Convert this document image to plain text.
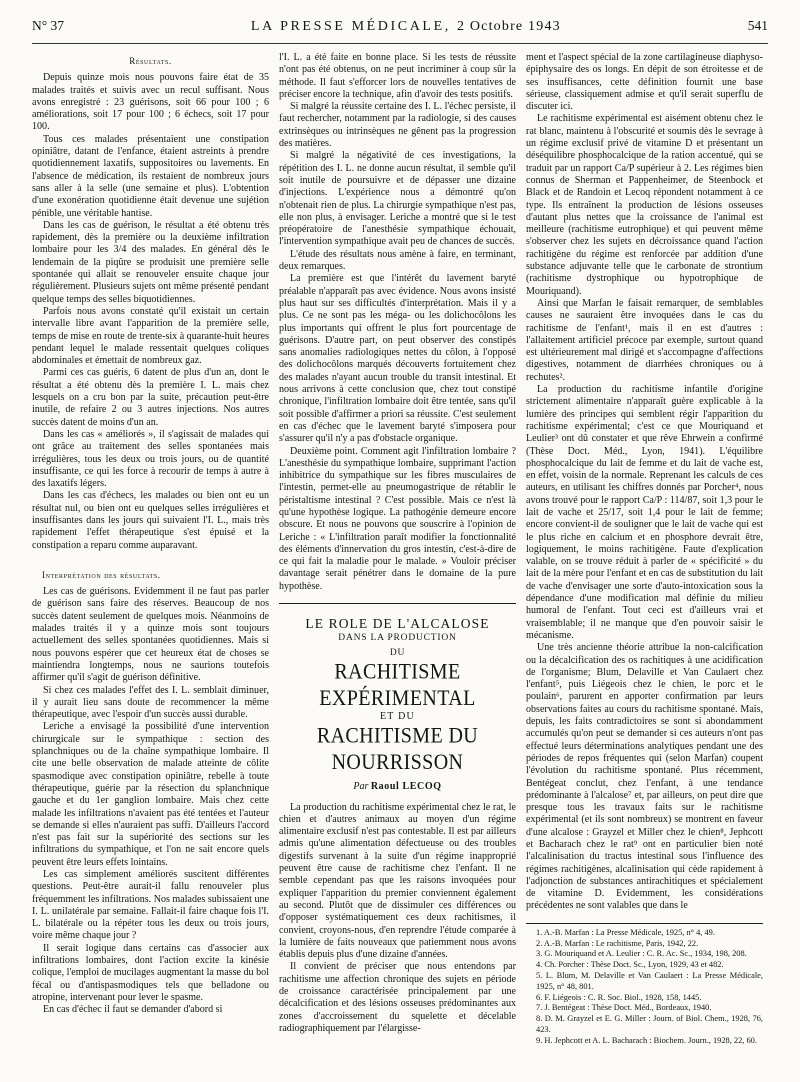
N° 37	LA PRESSE MÉDICALE, 2 Octobre 1943	541
Résultats.

Depuis quinze mois nous pouvons faire état de 35 malades traités et suivis avec un recul suffisant. Nous avons enregistré : 23 guérisons, soit 66 pour 100 ; 6 améliorations, soit 17 pour 100 ; 6 échecs, soit 17 pour 100.

Tous ces malades présentaient une constipation opiniâtre, datant de l'enfance, étaient astreints à prendre quotidiennement laxatifs, suppositoires ou lavements. En l'absence de médication, ils restaient de nombreux jours sans aller à la selle (une semaine et plus). L'obtention d'une exonération quotidienne était devenue une sujétion pénible, une véritable hantise.

Dans les cas de guérison, le résultat a été obtenu très rapidement, dès la première ou la deuxième infiltration lombaire pour les 3/4 des malades. En général dès le lendemain de la piqûre se produisit une première selle spontanée qui allait se renouveler ensuite chaque jour régulièrement. Plusieurs sujets ont même présenté pendant quelque temps des selles biquotidiennes.

Parfois nous avons constaté qu'il existait un certain intervalle libre avant l'apparition de la première selle, temps de mise en route de trente-six à quarante-huit heures pendant lequel le malade ressentait quelques coliques abdominales et émettait de nombreux gaz.

Parmi ces cas guéris, 6 datent de plus d'un an, dont le résultat a été obtenu dès la première I. L. mais chez lesquels on a cru bon par la suite, précaution peut-être inutile, de refaire 2 ou 3 autres injections. Nos autres succès datent de moins d'un an.

Dans les cas « améliorés », il s'agissait de malades qui ont grâce au traitement des selles spontanées mais irrégulières, tous les deux ou trois jours, ou de quantité insuffisante, ce qui les force à recourir de temps à autre à des laxatifs légers.

Dans les cas d'échecs, les malades ou bien ont eu un résultat nul, ou bien ont eu quelques selles irrégulières et insuffisantes dans les jours qui suivaient l'I. L., mais très rapidement l'effet thérapeutique s'est épuisé et la constipation a reparu comme auparavant.

Interprétation des résultats.

Les cas de guérisons. Evidemment il ne faut pas parler de guérison sans faire des réserves. Beaucoup de nos succès datent seulement de quelques mois. Néanmoins de malades traités il y a quinze mois sont toujours actuellement des selles spontanées quotidiennes. Mais si nous pouvons espérer que cet heureux état de choses se maintiendra longtemps, nous ne saurions toutefois affirmer qu'il s'agit de guérison définitive.

Si chez ces malades l'effet des I. L. semblait diminuer, il y aurait lieu sans doute de recommencer la même thérapeutique, avec l'espoir d'un succès aussi durable.

Leriche a envisagé la possibilité d'une intervention chirurgicale sur le sympathique : section des splanchniques ou de la chaîne sympathique lombaire. Il cite une belle observation de malade atteinte de côlite spasmodique avec constipation opiniâtre, rebelle à toute thérapeutique, guérie par la résection du splanchnique gauche et du 1er ganglion lombaire. Mais chez cette malade les infiltrations n'avaient pas été tentées et l'auteur se demande si elles n'auraient pas suffi. D'ailleurs l'accord n'est pas fait sur la supériorité des sections sur les infiltrations du sympathique, et l'on ne sait encore quels peuvent être leurs effets lointains.

Les cas simplement améliorés suscitent différentes questions. Peut-être aurait-il fallu renouveler plus fréquemment les infiltrations. Nos malades subissaient une I. L. unilatérale par semaine. Fallait-il faire chaque fois l'I. L. bilatérale ou la répéter tous les deux ou trois jours, voire même chaque jour ?

Il serait logique dans certains cas d'associer aux infiltrations lombaires, dont l'action excite la kinésie colique, l'emploi de mucilages augmentant la masse du bol fécal ou d'antispasmodiques tels que belladone ou atropine, intervenant pour lever le spasme.

En cas d'échec il faut se demander d'abord si

l'I. L. a été faite en bonne place. Si les tests de réussite n'ont pas été obtenus, on ne peut incriminer à coup sûr la méthode. Il faut s'efforcer lors de nouvelles tentatives de préciser encore la technique, afin d'avoir des tests positifs.

Si malgré la réussite certaine des I. L. l'échec persiste, il faut rechercher, notamment par la radiologie, si des causes extrinsèques ou intrinsèques ne gênent pas la progression des matières.

Si malgré la négativité de ces investigations, la répétition des I. L. ne donne aucun résultat, il semble qu'il soit inutile de poursuivre et de dépasser une dizaine d'injections. L'expérience nous a démontré qu'on n'obtenait rien de plus. La chirurgie sympathique n'est pas, elle non plus, à envisager. Leriche a montré que si le test préopératoire de l'anesthésie sympathique échouait, l'intervention sympathique avait peu de chances de succès.

L'étude des résultats nous amène à faire, en terminant, deux remarques.

La première est que l'intérêt du lavement baryté préalable n'apparaît pas avec évidence. Nous avons insisté plus haut sur ses difficultés d'interprétation. Mais il y a plus. Ce ne sont pas les méga- ou les dolichocôlons les plus importants qui offrent le plus fort pourcentage de guérisons. D'autre part, on peut observer des constipés sans anomalies radiologiques nettes du côlon, à l'opposé des dolichocôlons marqués découverts fortuitement chez des malades n'ayant aucun trouble du transit intestinal. Et nous arrivons à cette conclusion que, chez tout constipé chronique, l'infiltration lombaire doit être tentée, sans qu'il soit possible d'affirmer a priori sa réussite. C'est seulement en cas d'échec que le lavement baryté s'imposera pour s'assurer qu'il n'y a pas d'obstacle organique.

Deuxième point. Comment agit l'infiltration lombaire ? L'anesthésie du sympathique lombaire, supprimant l'action inhibitrice du sympathique sur les fibres musculaires de l'intestin, permet-elle au pneumogastrique de rétablir le péristaltisme intestinal ? C'est possible. Mais ce n'est là qu'une hypothèse logique. La pathogénie demeure encore obscure. Et nous ne pouvons que souscrire à l'opinion de Leriche : « L'infiltration paraît modifier la fonctionnalité des éléments d'innervation du gros intestin, c'est-à-dire de ce qui fait la maladie pour le malade. » Vouloir préciser davantage serait pénétrer dans le domaine de la pure hypothèse.

LE ROLE DE L'ALCALOSE
DANS LA PRODUCTION
DU
RACHITISME EXPÉRIMENTAL
ET DU
RACHITISME DU NOURRISSON
Par Raoul LECOQ

La production du rachitisme expérimental chez le rat, le chien et d'autres animaux au moyen d'un régime alimentaire exclusif n'est pas contestable. Il est par ailleurs admis qu'une alimentation défectueuse ou des troubles digestifs survenant à la suite d'un régime inapproprié peuvent être cause de rachitisme chez l'enfant. Il ne semble cependant pas que les raisons invoquées pour expliquer l'apparition du premier conviennent également au second. Plutôt que de dissimuler ces différences ou d'opposer systématiquement ces deux rachitismes, il convient, croyons-nous, d'en reprendre l'étude comparée à la lumière de faits nouveaux que patiemment nous avons établis depuis plus d'une dizaine d'années.

Il convient de préciser que nous entendons par rachitisme une affection chronique des sujets en période de croissance caractérisée principalement par une décalcification et des lésions osseuses prédominantes aux zones d'accroissement du squelette et décelable radiographiquement par l'élargisse-

ment et l'aspect spécial de la zone cartilagineuse diaphyso-épiphysaire des os longs. En dépit de son étroitesse et de ses insuffisances, cette définition fournit une base sérieuse, classiquement admise et qu'il serait superflu de discuter ici.

Le rachitisme expérimental est aisément obtenu chez le rat blanc, maintenu à l'obscurité et soumis dès le sevrage à un régime exclusif privé de vitamine D et présentant un déséquilibre phosphocalcique de la ration accentué, qui se traduit par un rapport Ca/P supérieur à 2. Les régimes bien connus de Sherman et Pappenheimer, de Steenbock et Black et de Randoin et Lecoq répondent notamment à ce type. Ils entraînent la production de lésions osseuses d'autant plus nettes que la croissance de l'animal est meilleure (rachitisme eutrophique) et qui peuvent même s'observer chez les sujets en décroissance quand l'action rachitigène du régime est renforcée par addition d'une substance adjuvante telle que le carbonate de strontium (rachitisme dystrophique ou hypotrophique de Mouriquand).

Ainsi que Marfan le faisait remarquer, de semblables causes ne sauraient être invoquées dans le cas du rachitisme de l'enfant¹, mais il en est d'autres : l'allaitement artificiel précoce par exemple, surtout quand est ultérieurement mal dirigé et s'accompagne d'affections digestives, notamment de diarrhées chroniques ou à rechutes².

La production du rachitisme infantile d'origine strictement alimentaire n'apparaît guère explicable à la lumière des principes qui semblent régir l'apparition du rachitisme expérimental; c'est ce que Mouriquand et Leulier³ ont dû constater et que rêve Ehrwein a confirmé (Thèse Doct. Méd., Lyon, 1941). L'équilibre phosphocalcique du lait de femme et du lait de vache est, en effet, voisin de la normale. Reprenant les calculs de ces auteurs, en utilisant les chiffres donnés par Porcher⁴, nous avons trouvé pour le rapport Ca/P : 114/87, soit 1,3 pour le lait de vache et 25/17, soit 1,4 pour le lait de femme; encore convient-il de souligner que le lait de vache qui est le plus riche en calcium et en phosphore devrait être, logiquement, le moins rachitigène. Faute d'explication valable, on se trouve réduit à parler de « spécificité » du lait de la mère pour l'enfant et en cas de substitution du lait de vache d'envisager une sorte d'auto-intoxication sous la dépendance d'une modification mal définie du milieu humoral de l'enfant. Tout ceci est d'ailleurs vrai et vraisemblable; il ne manque que d'en pouvoir saisir le mécanisme.

Une très ancienne théorie attribue la non-calcification ou la décalcification des os rachitiques à une acidification de l'organisme; Blum, Delaville et Van Caulaert chez l'enfant⁵, puis Liégeois chez le chien, le porc et le poulain⁶, parurent en apporter confirmation par leurs observations faites au cours du rachitisme spontané. Mais, depuis, les faits contradictoires se sont si abondamment accumulés qu'on peut se demander si ces auteurs n'ont pas effectué leurs déterminations analytiques pendant une des périodes de repos fréquentes qui (selon Marfan) coupent l'évolution du rachitisme spontané. Plus récemment, Bentégeat conclut, chez l'enfant, à une tendance prédominante à l'alcalose⁷ et, par ailleurs, on peut dire que presque tous les travaux faits sur le rachitisme expérimental (et ils sont nombreux) se montrent en faveur d'une alcalose : Grayzel et Miller chez le chien⁸, Jephcott et Bacharach chez le rat⁹ ont en particulier bien noté l'alcalinisation du tractus intestinal sous l'influence des régimes rachitigènes, alcalinisation qui cède rapidement à l'adjonction de substances antirachitiques et spécialement de vitamine D. Evidemment, les considérations précédentes ne sont valables que dans le

1. A.-B. Marfan : La Presse Médicale, 1925, n° 4, 49.
2. A.-B. Marfan : Le rachitisme, Paris, 1942, 22.
3. G. Mouriquand et A. Leulier : C. R. Ac. Sc., 1934, 198, 208.
4. Ch. Porcher : Thèse Doct. Sc., Lyon, 1929, 43 et 482.
5. L. Blum, M. Delaville et Van Caulaert : La Presse Médicale, 1925, n° 48, 801.
6. F. Liégeois : C. R. Soc. Biol., 1928, 158, 1445.
7. J. Bentégeat : Thèse Doct. Méd., Bordeaux, 1940.
8. D. M. Grayzel et E. G. Miller : Journ. of Biol. Chem., 1928, 76, 423.
9. H. Jephcott et A. L. Bacharach : Biochem. Journ., 1928, 22, 60.
